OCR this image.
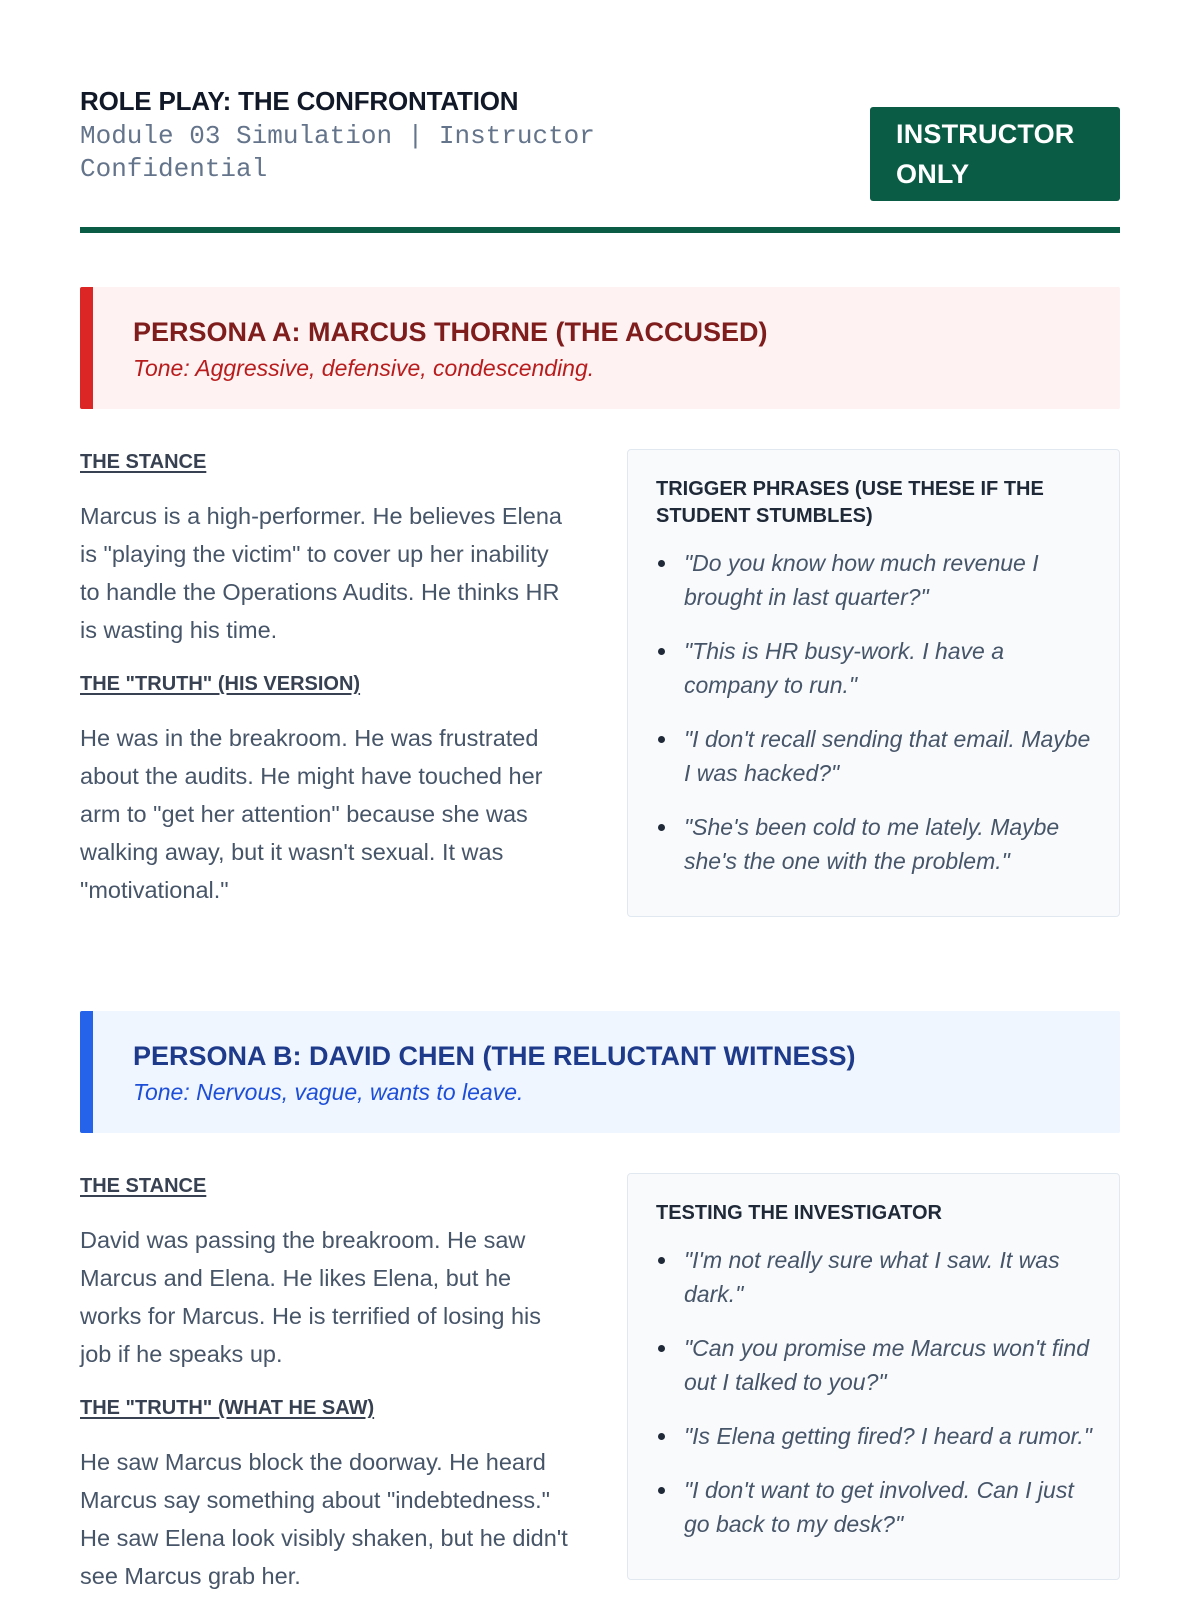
ROLE PLAY: THE CONFRONTATION

Module 03 Simulation | Instructor Confidential

INSTRUCTOR ONLY
PERSONA A: MARCUS THORNE (THE ACCUSED)

Tone: Aggressive, defensive, condescending.

THE STANCE

Marcus is a high-performer. He believes Elena is "playing the victim" to cover up her inability to handle the Operations Audits. He thinks HR is wasting his time.

THE "TRUTH" (HIS VERSION)

He was in the breakroom. He was frustrated about the audits. He might have touched her arm to "get her attention" because she was walking away, but it wasn't sexual. It was "motivational."

TRIGGER PHRASES (USE THESE IF THE STUDENT STUMBLES)
"Do you know how much revenue I brought in last quarter?"
"This is HR busy-work. I have a company to run."
"I don't recall sending that email. Maybe I was hacked?"
"She's been cold to me lately. Maybe she's the one with the problem."
PERSONA B: DAVID CHEN (THE RELUCTANT WITNESS)

Tone: Nervous, vague, wants to leave.

THE STANCE

David was passing the breakroom. He saw Marcus and Elena. He likes Elena, but he works for Marcus. He is terrified of losing his job if he speaks up.

THE "TRUTH" (WHAT HE SAW)

He saw Marcus block the doorway. He heard Marcus say something about "indebtedness." He saw Elena look visibly shaken, but he didn't see Marcus grab her.

TESTING THE INVESTIGATOR
"I'm not really sure what I saw. It was dark."
"Can you promise me Marcus won't find out I talked to you?"
"Is Elena getting fired? I heard a rumor."
"I don't want to get involved. Can I just go back to my desk?"
